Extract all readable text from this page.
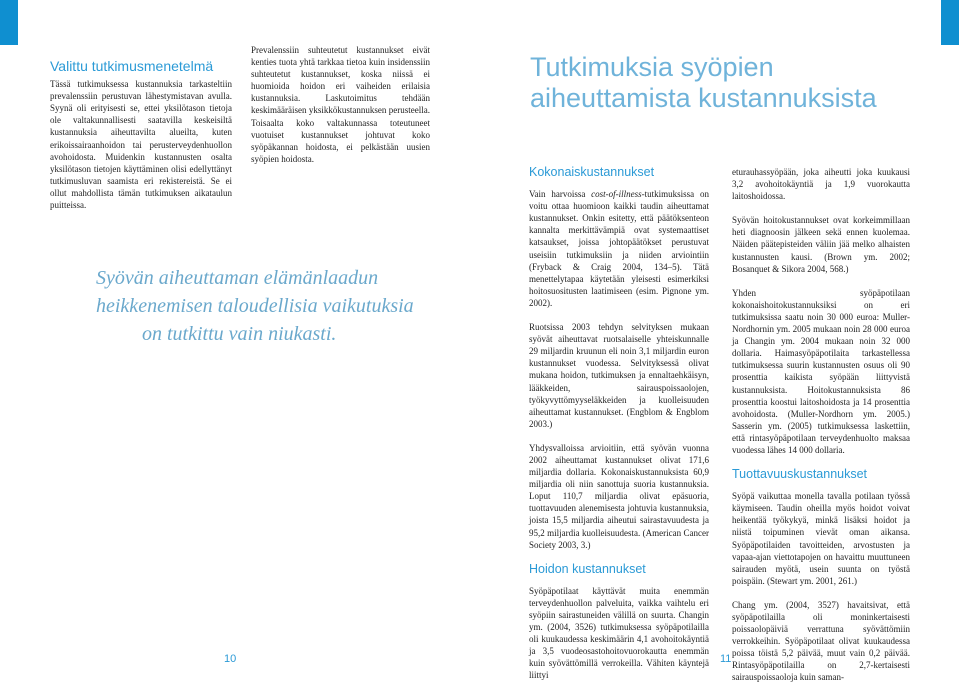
Valittu tutkimusmenetelmä

Tässä tutkimuksessa kustannuksia tarkasteltiin prevalenssiin perustuvan lähestymistavan avulla. Syynä oli erityisesti se, ettei yksilötason tietoja ole valtakunnallisesti saatavilla keskeisiltä kustannuksia aiheuttavilta alueilta, kuten erikoissairaanhoidon tai perusterveydenhuollon avohoidosta. Muidenkin kustannusten osalta yksilötason tietojen käyttäminen olisi edellyttänyt tutkimusluvan saamista eri rekistereistä. Se ei ollut mahdollista tämän tutkimuksen aikataulun puitteissa.

Prevalenssiin suhteutetut kustannukset eivät kenties tuota yhtä tarkkaa tietoa kuin insidenssiin suhteutetut kustannukset, koska niissä ei huomioida hoidon eri vaiheiden erilaisia kustannuksia. Laskutoimitus tehdään keskimääräisen yksikkökustannuksen perusteella. Toisaalta koko valtakunnassa toteutuneet vuotuiset kustannukset johtuvat koko syöpäkannan hoidosta, ei pelkästään uusien syöpien hoidosta.

Syövän aiheuttaman elämänlaadun
heikkenemisen taloudellisia vaikutuksia
on tutkittu vain niukasti.
10
Tutkimuksia syöpien aiheuttamista kustannuksista
Kokonaiskustannukset

Vain harvoissa cost-of-illness-tutkimuksissa on voitu ottaa huomioon kaikki taudin aiheuttamat kustannukset. Onkin esitetty, että päätöksenteon kannalta merkittävämpiä ovat systemaattiset katsaukset, joissa johtopäätökset perustuvat useisiin tutkimuksiin ja niiden arviointiin (Fryback & Craig 2004, 134–5). Tätä menettelytapaa käytetään yleisesti esimerkiksi hoitosuositusten laatimiseen (esim. Pignone ym. 2002).

Ruotsissa 2003 tehdyn selvityksen mukaan syövät aiheuttavat ruotsalaiselle yhteiskunnalle 29 miljardin kruunun eli noin 3,1 miljardin euron kustannukset vuodessa. Selvityksessä olivat mukana hoidon, tutkimuksen ja ennaltaehkäisyn, lääkkeiden, sairauspoissaolojen, työkyvyttömyyseläkkeiden ja kuolleisuuden aiheuttamat kustannukset. (Engblom & Engblom 2003.)

Yhdysvalloissa arvioitiin, että syövän vuonna 2002 aiheuttamat kustannukset olivat 171,6 miljardia dollaria. Kokonaiskustannuksista 60,9 miljardia oli niin sanottuja suoria kustannuksia. Loput 110,7 miljardia olivat epäsuoria, tuottavuuden alenemisesta johtuvia kustannuksia, joista 15,5 miljardia aiheutui sairastavuudesta ja 95,2 miljardia kuolleisuudesta. (American Cancer Society 2003, 3.)

Hoidon kustannukset

Syöpäpotilaat käyttävät muita enemmän terveydenhuollon palveluita, vaikka vaihtelu eri syöpiin sairastuneiden välillä on suurta. Changin ym. (2004, 3526) tutkimuksessa syöpäpotilailla oli kuukaudessa keskimäärin 4,1 avohoitokäyntiä ja 3,5 vuodeosastohoitovuorokautta enemmän kuin syövättömillä verrokeilla. Vähiten käyntejä liittyi

eturauhassyöpään, joka aiheutti joka kuukausi 3,2 avohoitokäyntiä ja 1,9 vuorokautta laitoshoidossa.

Syövän hoitokustannukset ovat korkeimmillaan heti diagnoosin jälkeen sekä ennen kuolemaa. Näiden päätepisteiden väliin jää melko alhaisten kustannusten kausi. (Brown ym. 2002; Bosanquet & Sikora 2004, 568.)

Yhden syöpäpotilaan kokonaishoitokustannuksiksi on eri tutkimuksissa saatu noin 30 000 euroa: Muller-Nordhornin ym. 2005 mukaan noin 28 000 euroa ja Changin ym. 2004 mukaan noin 32 000 dollaria. Haimasyöpäpotilaita tarkastellessa tutkimuksessa suurin kustannusten osuus oli 90 prosenttia kaikista syöpään liittyvistä kustannuksista. Hoitokustannuksista 86 prosenttia koostui laitoshoidosta ja 14 prosenttia avohoidosta. (Muller-Nordhorn ym. 2005.) Sasserin ym. (2005) tutkimuksessa laskettiin, että rintasyöpäpotilaan terveydenhuolto maksaa vuodessa lähes 14 000 dollaria.

Tuottavuuskustannukset

Syöpä vaikuttaa monella tavalla potilaan työssä käymiseen. Taudin oheilla myös hoidot voivat heikentää työkykyä, minkä lisäksi hoidot ja niistä toipuminen vievät oman aikansa. Syöpäpotilaiden tavoitteiden, arvostusten ja vapaa-ajan viettotapojen on havaittu muuttuneen sairauden myötä, usein suunta on työstä poispäin. (Stewart ym. 2001, 261.)

Chang ym. (2004, 3527) havaitsivat, että syöpäpotilailla oli moninkertaisesti poissaolopäiviä verrattuna syövättömiin verrokkeihin. Syöpäpotilaat olivat kuukaudessa poissa töistä 5,2 päivää, muut vain 0,2 päivää. Rintasyöpäpotilailla on 2,7-kertaisesti sairauspoissaoloja kuin saman-

11
